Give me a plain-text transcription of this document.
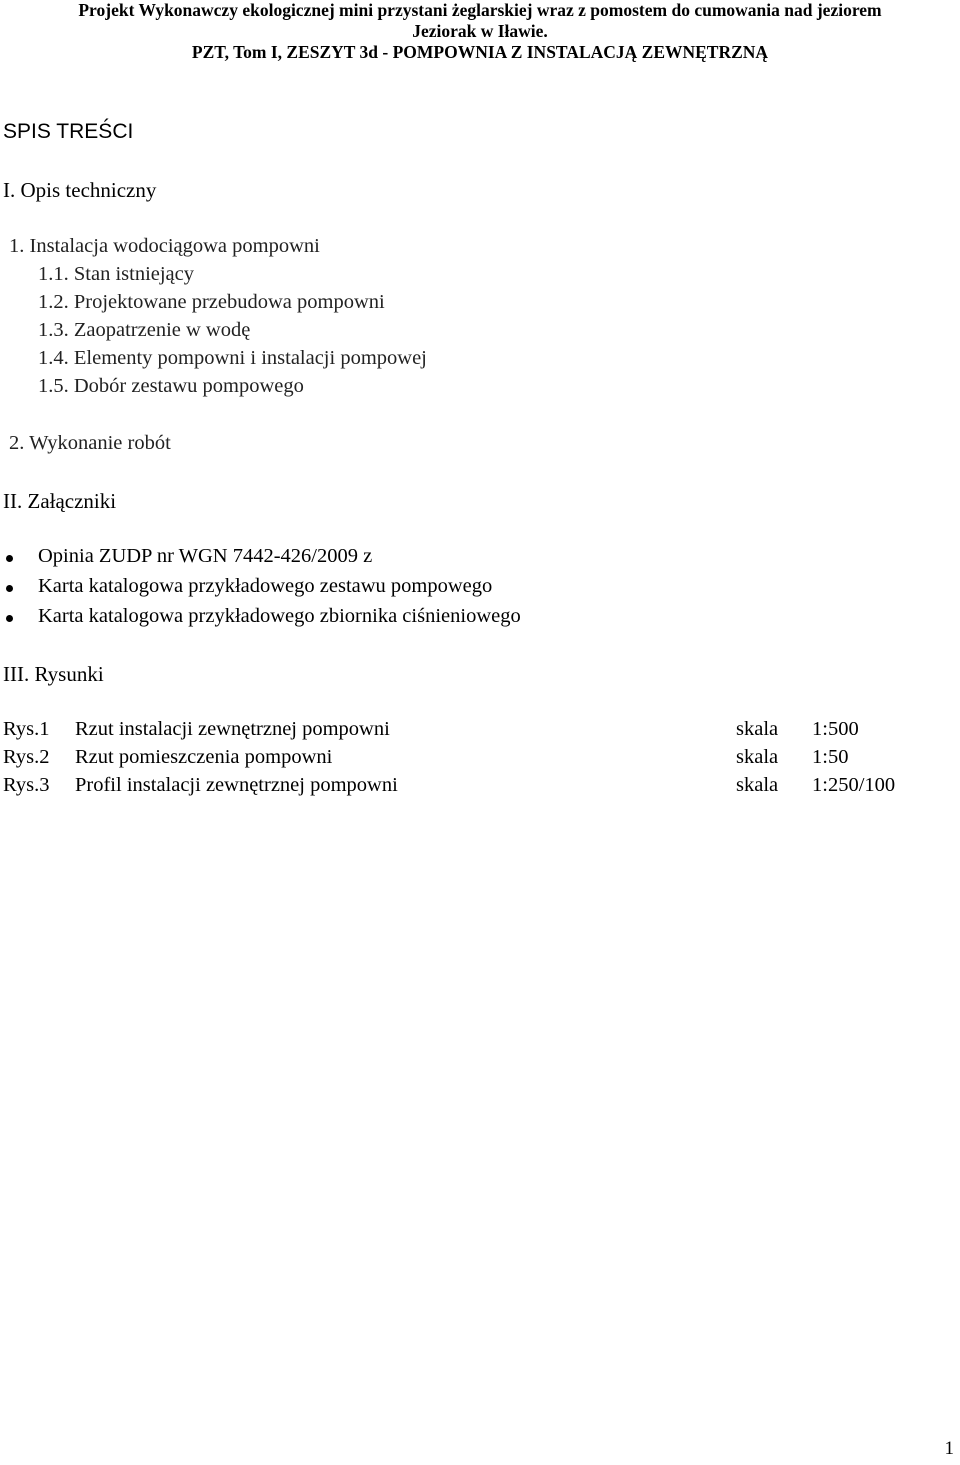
Projekt Wykonawczy ekologicznej mini przystani żeglarskiej wraz z pomostem do cumowania nad jeziorem
Jeziorak w Iławie.
PZT, Tom I, ZESZYT 3d - POMPOWNIA Z INSTALACJĄ ZEWNĘTRZNĄ
SPIS TREŚCI
I. Opis techniczny
1. Instalacja wodociągowa pompowni
1.1. Stan istniejący
1.2. Projektowane przebudowa pompowni
1.3. Zaopatrzenie w wodę
1.4. Elementy pompowni i instalacji pompowej
1.5. Dobór zestawu pompowego
2. Wykonanie robót
II. Załączniki
Opinia ZUDP nr WGN 7442-426/2009 z
Karta katalogowa przykładowego zestawu pompowego
Karta katalogowa przykładowego zbiornika ciśnieniowego
III. Rysunki
Rys.1 Rzut instalacji zewnętrznej pompowni	skala 1:500
Rys.2 Rzut pomieszczenia pompowni	skala 1:50
Rys.3 Profil instalacji zewnętrznej pompowni	skala 1:250/100
1
